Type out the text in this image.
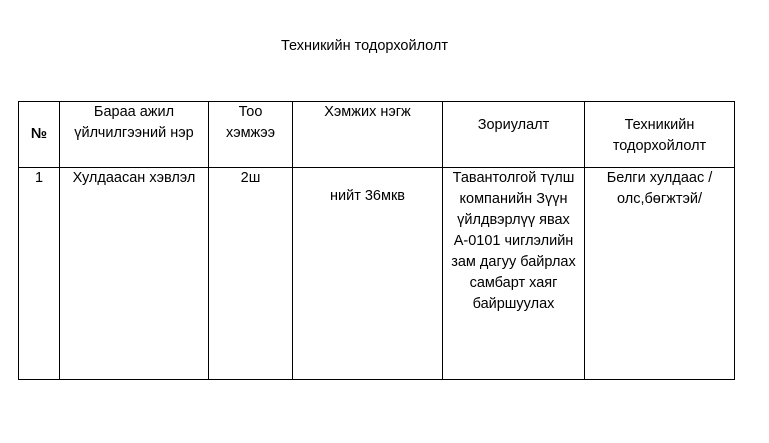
Техникийн тодорхойлолт
№	Бараа ажил үйлчилгээний нэр	Тоо хэмжээ	Хэмжих нэгж	Зориулалт	Техникийн тодорхойлолт

1	Хулдаасан хэвлэл	2ш	нийт 36мкв	Тавантолгой түлш компанийн Зүүн үйлдвэрлүү явах А-0101 чиглэлийн зам дагуу байрлах самбарт хаяг байршуулах	Белги хулдаас /олс,бөгжтэй/
